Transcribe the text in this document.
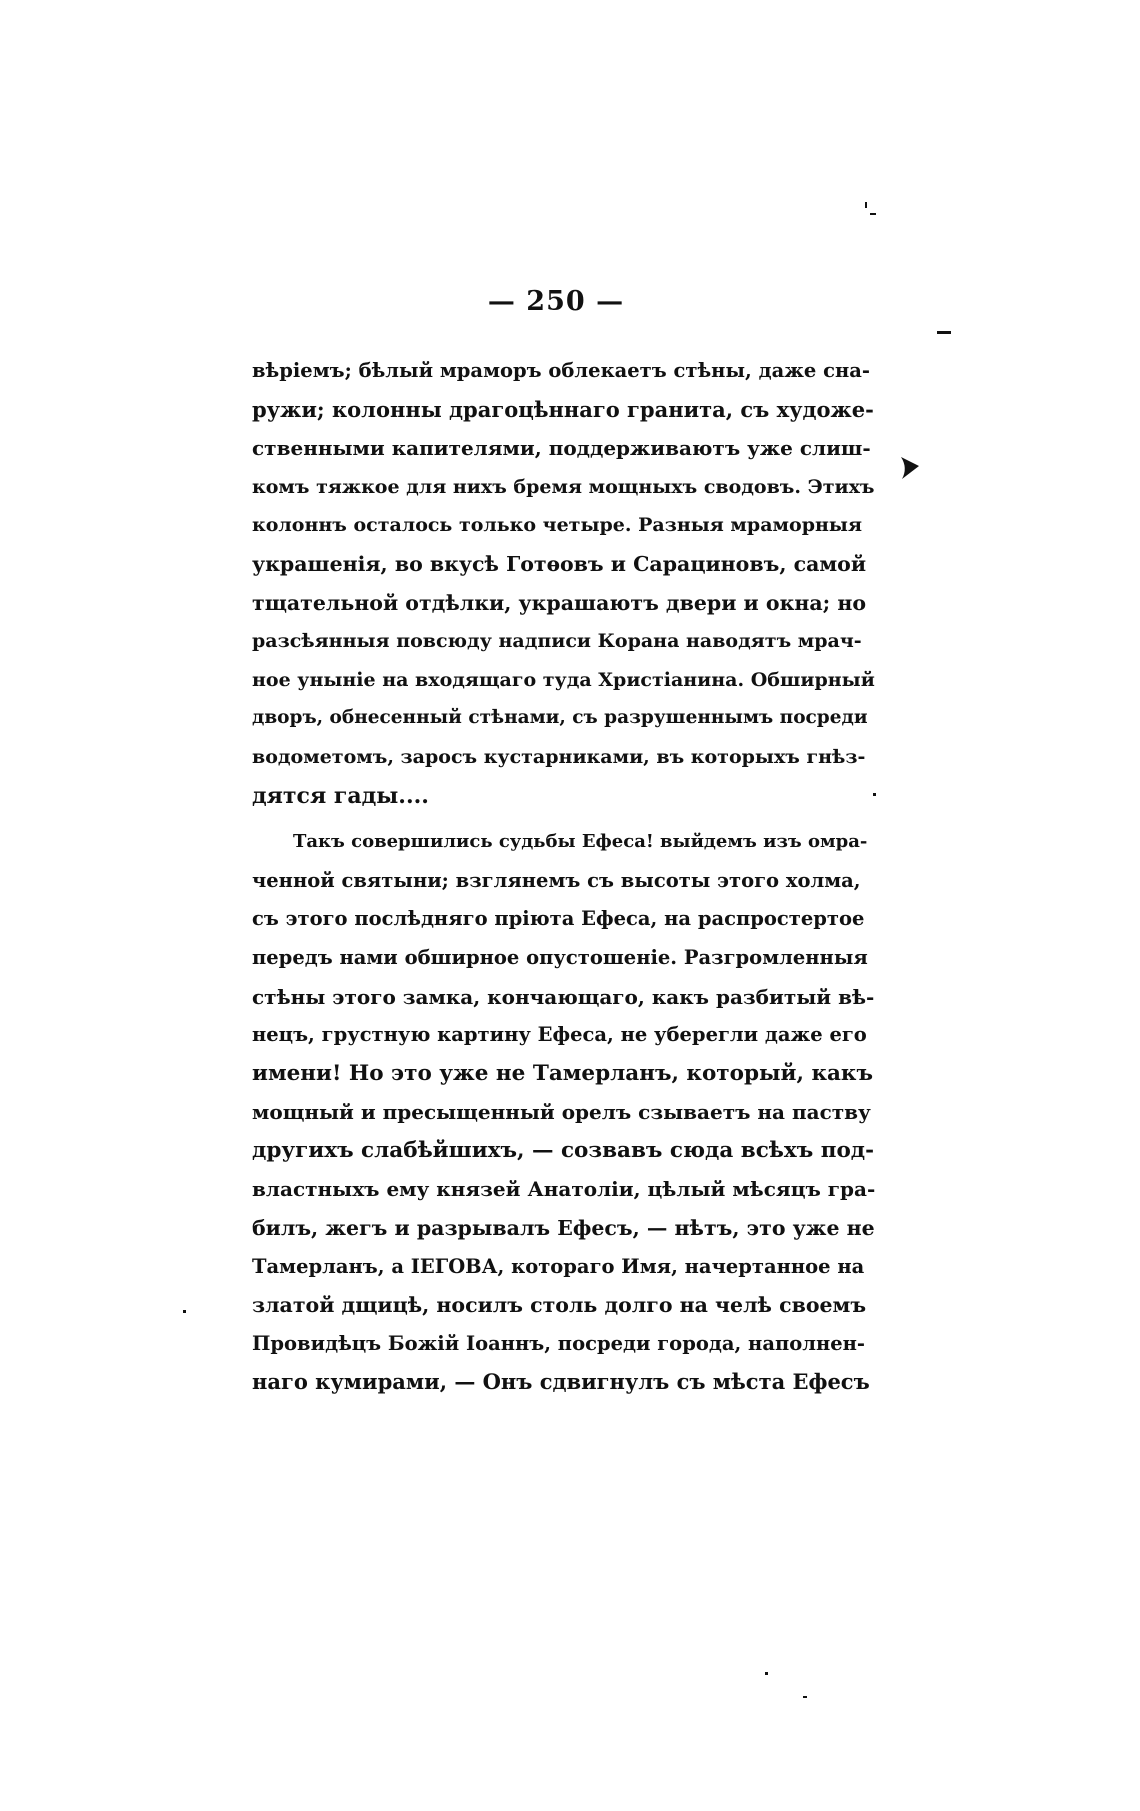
— 250 —
вѣріемъ; бѣлый мраморъ облекаетъ стѣны, даже сна-
ружи; колонны драгоцѣннаго гранита, съ художе-
ственными капителями, поддерживаютъ уже слиш-
комъ тяжкое для нихъ бремя мощныхъ сводовъ. Этихъ
колоннъ осталось только четыре. Разныя мраморныя
украшенія, во вкусѣ Готѳовъ и Сарациновъ, самой
тщательной отдѣлки, украшаютъ двери и окна; но
разсѣянныя повсюду надписи Корана наводятъ мрач-
ное уныніе на входящаго туда Христіанина. Обширный
дворъ, обнесенный стѣнами, съ разрушеннымъ посреди
водометомъ, заросъ кустарниками, въ которыхъ гнѣз-
дятся гады....
Такъ совершились судьбы Ефеса! выйдемъ изъ омра-
ченной святыни; взглянемъ съ высоты этого холма,
съ этого послѣдняго пріюта Ефеса, на распростертое
передъ нами обширное опустошеніе. Разгромленныя
стѣны этого замка, кончающаго, какъ разбитый вѣ-
нецъ, грустную картину Ефеса, не уберегли даже его
имени! Но это уже не Тамерланъ, который, какъ
мощный и пресыщенный орелъ сзываетъ на паству
другихъ слабѣйшихъ, — созвавъ сюда всѣхъ под-
властныхъ ему князей Анатоліи, цѣлый мѣсяцъ гра-
билъ, жегъ и разрывалъ Ефесъ, — нѣтъ, это уже не
Тамерланъ, а ІЕГОВА, котораго Имя, начертанное на
златой дщицѣ, носилъ столь долго на челѣ своемъ
Провидѣцъ Божій Іоаннъ, посреди города, наполнен-
наго кумирами, — Онъ сдвигнулъ съ мѣста Ефесъ
